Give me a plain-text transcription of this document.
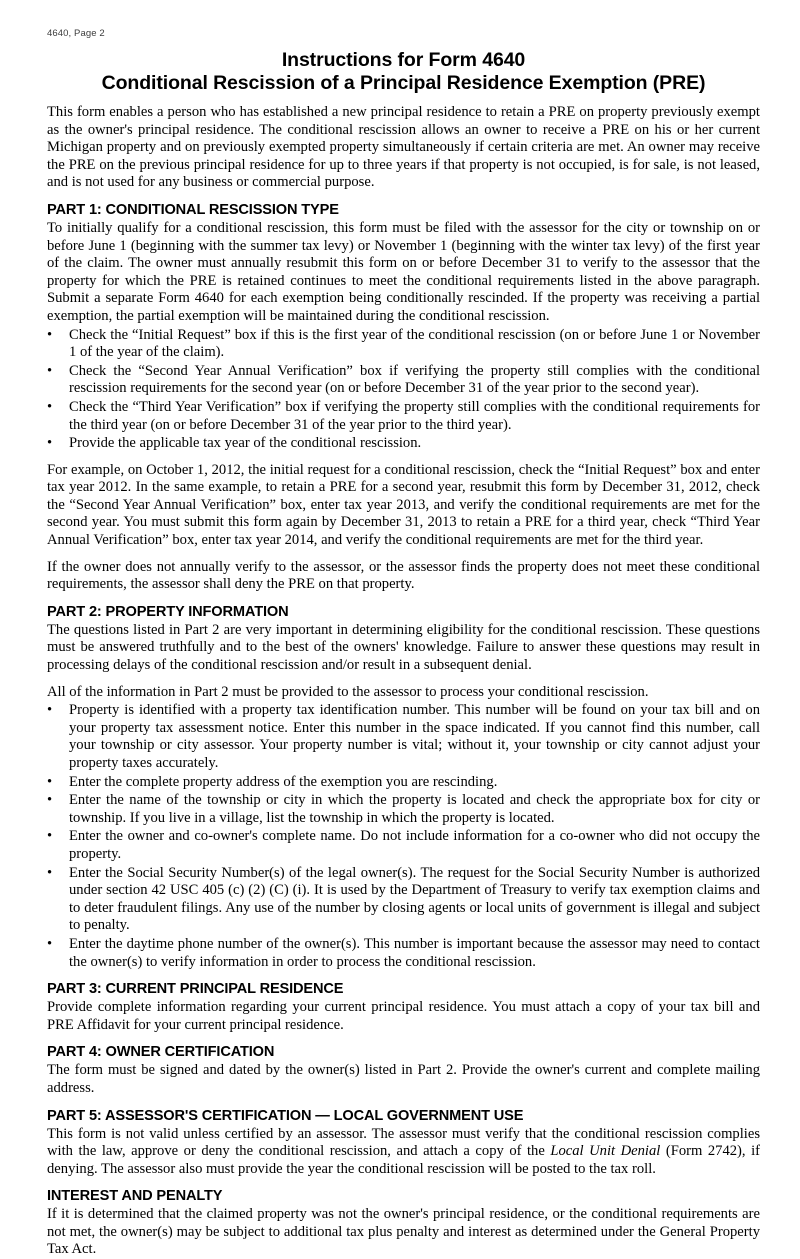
4640, Page 2
Instructions for Form 4640
Conditional Rescission of a Principal Residence Exemption (PRE)

This form enables a person who has established a new principal residence to retain a PRE on property previously exempt as the owner's principal residence. The conditional rescission allows an owner to receive a PRE on his or her current Michigan property and on previously exempted property simultaneously if certain criteria are met. An owner may receive the PRE on the previous principal residence for up to three years if that property is not occupied, is for sale, is not leased, and is not used for any business or commercial purpose.

PART 1: CONDITIONAL RESCISSION TYPE

To initially qualify for a conditional rescission, this form must be filed with the assessor for the city or township on or before June 1 (beginning with the summer tax levy) or November 1 (beginning with the winter tax levy) of the first year of the claim. The owner must annually resubmit this form on or before December 31 to verify to the assessor that the property for which the PRE is retained continues to meet the conditional requirements listed in the above paragraph. Submit a separate Form 4640 for each exemption being conditionally rescinded. If the property was receiving a partial exemption, the partial exemption will be maintained during the conditional rescission.

• Check the “Initial Request” box if this is the first year of the conditional rescission (on or before June 1 or November 1 of the year of the claim).
• Check the “Second Year Annual Verification” box if verifying the property still complies with the conditional rescission requirements for the second year (on or before December 31 of the year prior to the second year).
• Check the “Third Year Verification” box if verifying the property still complies with the conditional requirements for the third year (on or before December 31 of the year prior to the third year).
• Provide the applicable tax year of the conditional rescission.

For example, on October 1, 2012, the initial request for a conditional rescission, check the “Initial Request” box and enter tax year 2012. In the same example, to retain a PRE for a second year, resubmit this form by December 31, 2012, check the “Second Year Annual Verification” box, enter tax year 2013, and verify the conditional requirements are met for the second year. You must submit this form again by December 31, 2013 to retain a PRE for a third year, check “Third Year Annual Verification” box, enter tax year 2014, and verify the conditional requirements are met for the third year.

If the owner does not annually verify to the assessor, or the assessor finds the property does not meet these conditional requirements, the assessor shall deny the PRE on that property.

PART 2: PROPERTY INFORMATION

The questions listed in Part 2 are very important in determining eligibility for the conditional rescission. These questions must be answered truthfully and to the best of the owners' knowledge. Failure to answer these questions may result in processing delays of the conditional rescission and/or result in a subsequent denial.

All of the information in Part 2 must be provided to the assessor to process your conditional rescission.

• Property is identified with a property tax identification number. This number will be found on your tax bill and on your property tax assessment notice. Enter this number in the space indicated. If you cannot find this number, call your township or city assessor. Your property number is vital; without it, your township or city cannot adjust your property taxes accurately.
• Enter the complete property address of the exemption you are rescinding.
• Enter the name of the township or city in which the property is located and check the appropriate box for city or township. If you live in a village, list the township in which the property is located.
• Enter the owner and co-owner's complete name. Do not include information for a co-owner who did not occupy the property.
• Enter the Social Security Number(s) of the legal owner(s). The request for the Social Security Number is authorized under section 42 USC 405 (c) (2) (C) (i). It is used by the Department of Treasury to verify tax exemption claims and to deter fraudulent filings. Any use of the number by closing agents or local units of government is illegal and subject to penalty.
• Enter the daytime phone number of the owner(s). This number is important because the assessor may need to contact the owner(s) to verify information in order to process the conditional rescission.
PART 3: CURRENT PRINCIPAL RESIDENCE

Provide complete information regarding your current principal residence. You must attach a copy of your tax bill and PRE Affidavit for your current principal residence.

PART 4: OWNER CERTIFICATION

The form must be signed and dated by the owner(s) listed in Part 2. Provide the owner's current and complete mailing address.

PART 5: ASSESSOR'S CERTIFICATION — LOCAL GOVERNMENT USE

This form is not valid unless certified by an assessor. The assessor must verify that the conditional rescission complies with the law, approve or deny the conditional rescission, and attach a copy of the Local Unit Denial (Form 2742), if denying. The assessor also must provide the year the conditional rescission will be posted to the tax roll.

INTEREST AND PENALTY

If it is determined that the claimed property was not the owner's principal residence, or the conditional requirements are not met, the owner(s) may be subject to additional tax plus penalty and interest as determined under the General Property Tax Act.
